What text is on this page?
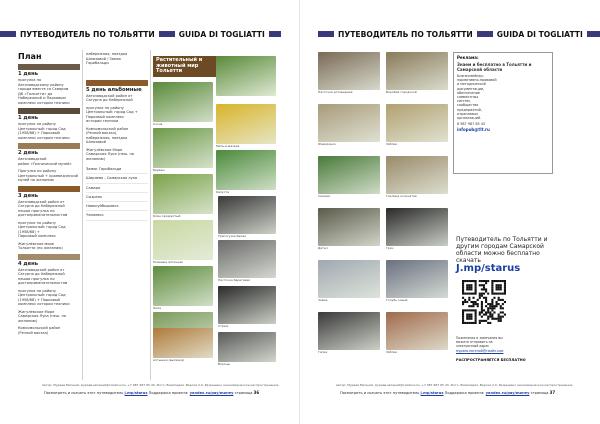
ПУТЕВОДИТЕЛЬ ПО ТОЛЬЯТТИ	GUIDA DI TOGLIATTI
План
1 день
прогулка по
Автозаводскому району
города вместе со Сквером
ДК «Тольятти» до
Набережной и Парковым
комплекс истории техники
1 день
прогулка по району
Центральный: город Сад
(1958/68) + Парковый
комплекс истории техники
2 день
Автозаводской
район «Технический музей»
Прогулка по району
Центральный + краеведческий
музей по желанию
3 день
Автозаводской район от
Сатурна до Набережной
пешая прогулка по
достопримечательностям
прогулка по району
Центральный: город Сад
(1958/68) +
Парковый комплекс
Жигулёвское море
Тольятти (по желанию)
4 день
Автозаводской район от
Сатурна до Набережной
пешая прогулка по
достопримечательностям
прогулка по району
Центральный: город Сад
(1958/68) + Парковый
комплекс истории техники
Жигулёвское Море
Самарская Лука (пеш. по
желанию)
Комсомольский район
(Речной вокзал)
набережная, поездка
Шлюзовой / Замок
Гарибальди
5 день альбомные
Автозаводской район от
Сатурна до Набережной
прогулка по району
Центральный: город Сад +
Парковый комплекс
истории техники
Комсомольский район
(Речной вокзал),
набережная, поездка
Шлюзовой
Жигулёвское Море
Самарская Лука (пеш. по
желанию)
Замок Гарибальди
Ширяево - Самарская лука
Самара
Сызрань
Новокуйбышевск
Чапаевск
Растительный и животный мир Тольятти
Сосна
Берёзы
Клён сахаристый
Мать-и-мачеха
Ромашка аптечная
Капуста
Липа
Алтышки (выпечка)
Трясогузка белая
Ласточка береговая
Стриж
Вороны
Автор: Мураев Евгений, мураев.евгений@гмайл.ком, +7 987 987 65 43. Фото: Википедия. Версия 2.0. Разрешено некоммерческое распространение.
Посмотреть и скачать этот путеводитель j.mp/starus Поддержка проекта: yandex.ru/pay/money страница 36
ПУТЕВОДИТЕЛЬ ПО ТОЛЬЯТТИ	GUIDA DI TOGLIATTI
Ласточка ротовидная	Воробей городской
Жаворонок	Зяблик
Синица	Горлица кольчатая
Дятел	Грач
Чайка	Голубь сизый
Галка	Зяблик
Реклама:
Знаем и бесплатно в Тольятти и Самарской области
Бизнесмейкер:
нормативно-правовой
и методической
документации,
обеспечение
совместных
систем,
сообщество
предприятий,
отраслевых
организаций.
8 987 987 65 43
infopub@tlt.ru
Путеводитель по Тольятти и другим городам Самарской области можно бесплатно скачать
J.mp/starus
Пожелания и замечания вы
можете отправить на
электронный адрес
мураев.евгений@гмайл.ком
РАСПРОСТРАНЯЕТСЯ БЕСПЛАТНО
Автор: Мураев Евгений, мураев.евгений@гмайл.ком, +7 987 987 65 43. Фото: Википедия. Версия 2.0. Разрешено некоммерческое распространение.
Посмотреть и скачать этот путеводитель j.mp/starus Поддержка проекта: yandex.ru/pay/money страница 37
